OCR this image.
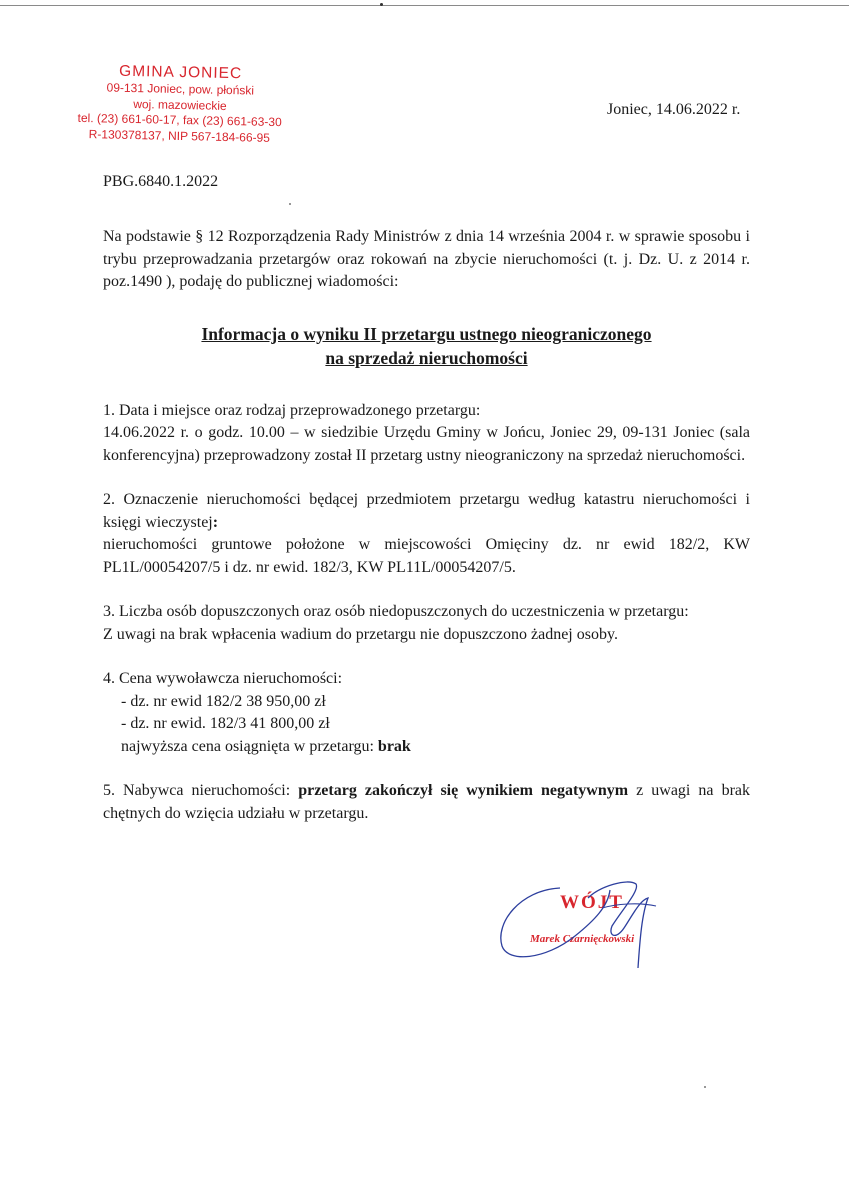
GMINA JONIEC
09-131 Joniec, pow. płoński
woj. mazowieckie
tel. (23) 661-60-17, fax (23) 661-63-30
R-130378137, NIP 567-184-66-95
Joniec, 14.06.2022 r.
PBG.6840.1.2022

Na podstawie § 12 Rozporządzenia Rady Ministrów z dnia 14 września 2004 r. w sprawie sposobu i trybu przeprowadzania przetargów oraz rokowań na zbycie nieruchomości (t. j. Dz. U. z 2014 r. poz.1490 ), podaję do publicznej wiadomości:

Informacja o wyniku II przetargu ustnego nieograniczonego
na sprzedaż nieruchomości

1. Data i miejsce oraz rodzaj przeprowadzonego przetargu:

14.06.2022 r. o godz. 10.00 – w siedzibie Urzędu Gminy w Jońcu, Joniec 29, 09-131 Joniec (sala konferencyjna) przeprowadzony został II przetarg ustny nieograniczony na sprzedaż nieruchomości.

2. Oznaczenie nieruchomości będącej przedmiotem przetargu według katastru nieruchomości i księgi wieczystej:

nieruchomości gruntowe położone w miejscowości Omięciny dz. nr ewid 182/2, KW PL1L/00054207/5 i dz. nr ewid. 182/3, KW PL11L/00054207/5.

3. Liczba osób dopuszczonych oraz osób niedopuszczonych do uczestniczenia w przetargu:

Z uwagi na brak wpłacenia wadium do przetargu nie dopuszczono żadnej osoby.

4. Cena wywoławcza nieruchomości:

- dz. nr ewid 182/2 38 950,00 zł

- dz. nr ewid. 182/3 41 800,00 zł

najwyższa cena osiągnięta w przetargu: brak

5. Nabywca nieruchomości: przetarg zakończył się wynikiem negatywnym z uwagi na brak chętnych do wzięcia udziału w przetargu.

WÓJT
Marek Czarnięckowski
